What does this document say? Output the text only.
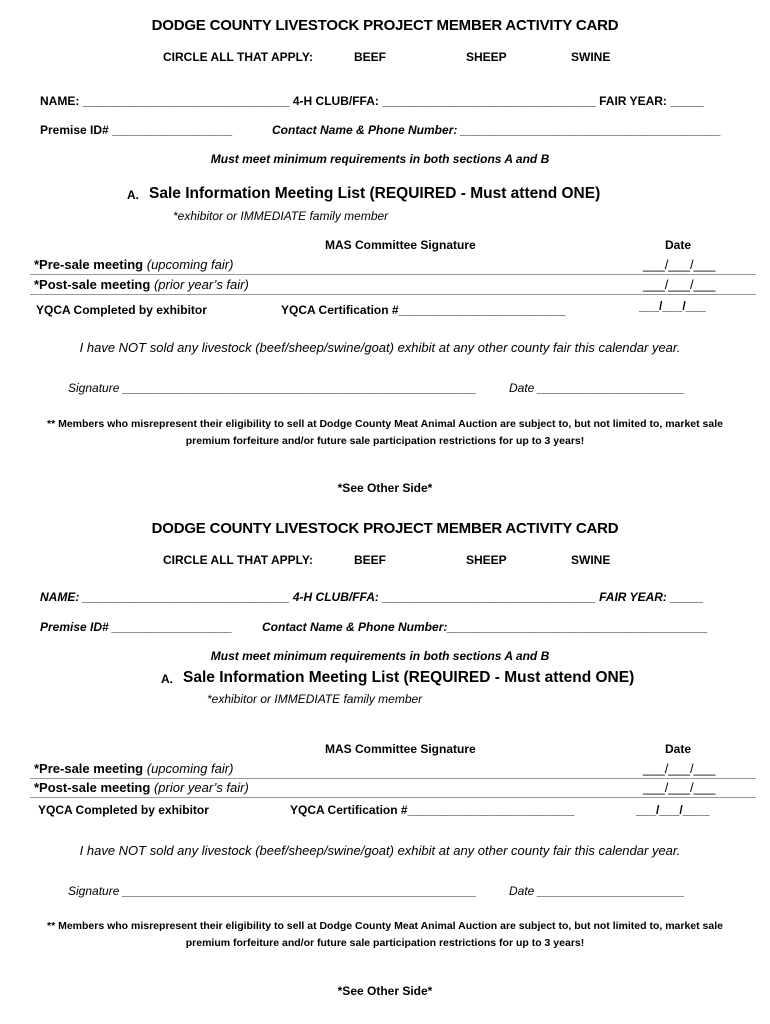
DODGE COUNTY LIVESTOCK PROJECT MEMBER ACTIVITY CARD
CIRCLE ALL THAT APPLY:	BEEF	SHEEP	SWINE
NAME: _______________________________ 4-H CLUB/FFA: ________________________________ FAIR YEAR: _____
Premise ID# __________________	Contact Name & Phone Number: _______________________________________
Must meet minimum requirements in both sections A and B
A. Sale Information Meeting List (REQUIRED - Must attend ONE)
*exhibitor or IMMEDIATE family member
MAS Committee Signature	Date
*Pre-sale meeting (upcoming fair)	___/___/___
*Post-sale meeting (prior year’s fair)	___/___/___
YQCA Completed by exhibitor	YQCA Certification #_________________________	___/___/___
I have NOT sold any livestock (beef/sheep/swine/goat) exhibit at any other county fair this calendar year.
Signature _____________________________________________________	Date ______________________
** Members who misrepresent their eligibility to sell at Dodge County Meat Animal Auction are subject to, but not limited to, market sale
premium forfeiture and/or future sale participation restrictions for up to 3 years!
*See Other Side*
DODGE COUNTY LIVESTOCK PROJECT MEMBER ACTIVITY CARD
CIRCLE ALL THAT APPLY:	BEEF	SHEEP	SWINE
NAME: _______________________________ 4-H CLUB/FFA: ________________________________ FAIR YEAR: _____
Premise ID# __________________ Contact Name & Phone Number:_______________________________________
Must meet minimum requirements in both sections A and B
A. Sale Information Meeting List (REQUIRED - Must attend ONE)
*exhibitor or IMMEDIATE family member
MAS Committee Signature	Date
*Pre-sale meeting (upcoming fair)	___/___/___
*Post-sale meeting (prior year’s fair)	___/___/___
YQCA Completed by exhibitor	YQCA Certification #_________________________	___/___/____
I have NOT sold any livestock (beef/sheep/swine/goat) exhibit at any other county fair this calendar year.
Signature _____________________________________________________	Date ______________________
** Members who misrepresent their eligibility to sell at Dodge County Meat Animal Auction are subject to, but not limited to, market sale
premium forfeiture and/or future sale participation restrictions for up to 3 years!
*See Other Side*
